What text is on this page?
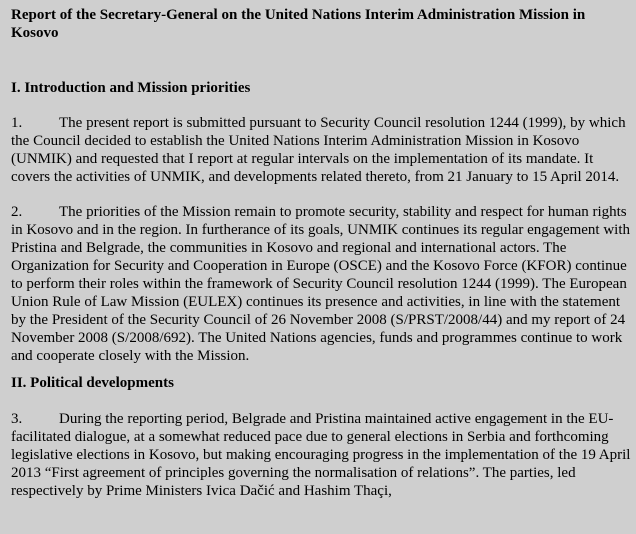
Report of the Secretary-General on the United Nations Interim Administration Mission in Kosovo

I. Introduction and Mission priorities

1. The present report is submitted pursuant to Security Council resolution 1244 (1999), by which the Council decided to establish the United Nations Interim Administration Mission in Kosovo (UNMIK) and requested that I report at regular intervals on the implementation of its mandate. It covers the activities of UNMIK, and developments related thereto, from 21 January to 15 April 2014.

2. The priorities of the Mission remain to promote security, stability and respect for human rights in Kosovo and in the region. In furtherance of its goals, UNMIK continues its regular engagement with Pristina and Belgrade, the communities in Kosovo and regional and international actors. The Organization for Security and Cooperation in Europe (OSCE) and the Kosovo Force (KFOR) continue to perform their roles within the framework of Security Council resolution 1244 (1999). The European Union Rule of Law Mission (EULEX) continues its presence and activities, in line with the statement by the President of the Security Council of 26 November 2008 (S/PRST/2008/44) and my report of 24 November 2008 (S/2008/692). The United Nations agencies, funds and programmes continue to work and cooperate closely with the Mission.

II. Political developments

3. During the reporting period, Belgrade and Pristina maintained active engagement in the EU-facilitated dialogue, at a somewhat reduced pace due to general elections in Serbia and forthcoming legislative elections in Kosovo, but making encouraging progress in the implementation of the 19 April 2013 “First agreement of principles governing the normalisation of relations”. The parties, led respectively by Prime Ministers Ivica Dačić and Hashim Thaçi,
